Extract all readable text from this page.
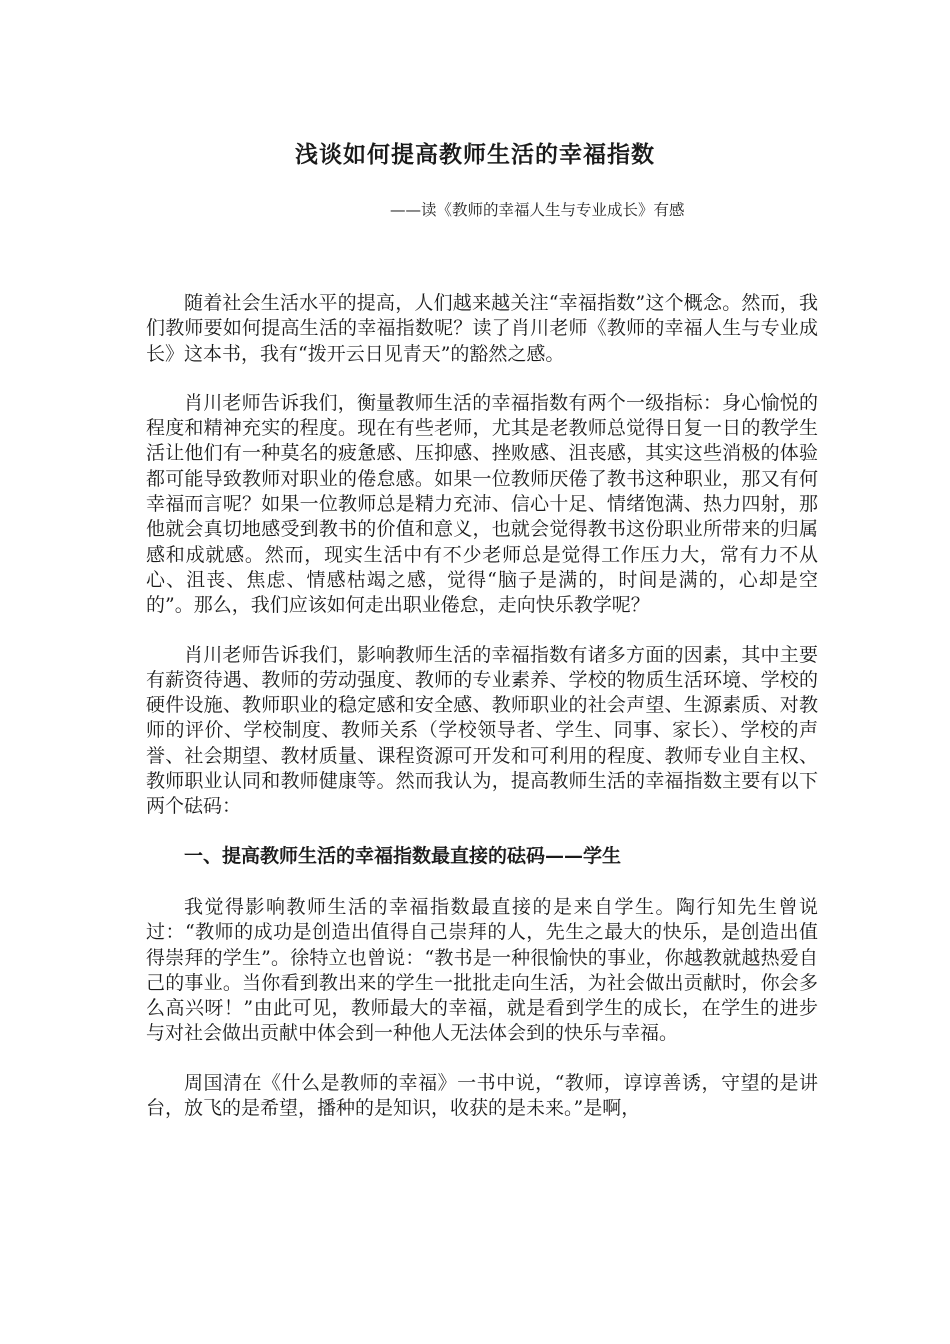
浅谈如何提高教师生活的幸福指数
——读《教师的幸福人生与专业成长》有感

随着社会生活水平的提高，人们越来越关注“幸福指数”这个概念。然而，我们教师要如何提高生活的幸福指数呢？读了肖川老师《教师的幸福人生与专业成长》这本书，我有“拨开云日见青天”的豁然之感。

肖川老师告诉我们，衡量教师生活的幸福指数有两个一级指标：身心愉悦的程度和精神充实的程度。现在有些老师，尤其是老教师总觉得日复一日的教学生活让他们有一种莫名的疲惫感、压抑感、挫败感、沮丧感，其实这些消极的体验都可能导致教师对职业的倦怠感。如果一位教师厌倦了教书这种职业，那又有何幸福而言呢？如果一位教师总是精力充沛、信心十足、情绪饱满、热力四射，那他就会真切地感受到教书的价值和意义，也就会觉得教书这份职业所带来的归属感和成就感。然而，现实生活中有不少老师总是觉得工作压力大，常有力不从心、沮丧、焦虑、情感枯竭之感，觉得“脑子是满的，时间是满的，心却是空的”。那么，我们应该如何走出职业倦怠，走向快乐教学呢？

肖川老师告诉我们，影响教师生活的幸福指数有诸多方面的因素，其中主要有薪资待遇、教师的劳动强度、教师的专业素养、学校的物质生活环境、学校的硬件设施、教师职业的稳定感和安全感、教师职业的社会声望、生源素质、对教师的评价、学校制度、教师关系（学校领导者、学生、同事、家长）、学校的声誉、社会期望、教材质量、课程资源可开发和可利用的程度、教师专业自主权、教师职业认同和教师健康等。然而我认为，提高教师生活的幸福指数主要有以下两个砝码：

一、提高教师生活的幸福指数最直接的砝码——学生

我觉得影响教师生活的幸福指数最直接的是来自学生。陶行知先生曾说过：“教师的成功是创造出值得自己崇拜的人，先生之最大的快乐，是创造出值得崇拜的学生”。徐特立也曾说：“教书是一种很愉快的事业，你越教就越热爱自己的事业。当你看到教出来的学生一批批走向生活，为社会做出贡献时，你会多么高兴呀！”由此可见，教师最大的幸福，就是看到学生的成长，在学生的进步与对社会做出贡献中体会到一种他人无法体会到的快乐与幸福。

周国清在《什么是教师的幸福》一书中说，“教师，谆谆善诱，守望的是讲台，放飞的是希望，播种的是知识，收获的是未来。”是啊，
